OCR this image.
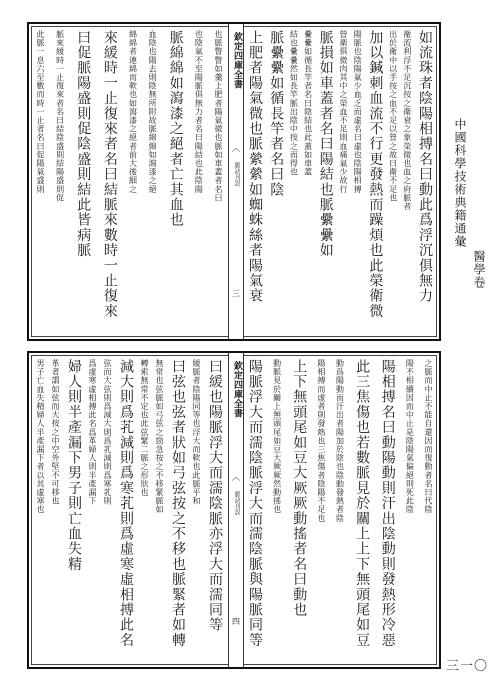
中國科學技術典籍通彙
醫學卷
如流珠者陰陽相搏名曰動此爲浮沉俱無力
衛流利浮不足沉按之衛衰之象榮微也血之府脈者
出於衛中以手按之血不足以營之故曰衛不足也
加以鍼刺血流不行更發熱而躁煩也此榮衛微
陽脈也陰陽氣少血乏而虛名曰虛也陰陽相搏
營衛俱微肉其中之榮血不足則血痛氣少故行
脈損如車蓋者名曰陽結也脈纍纍如
纍纍如循長竿者名曰陰結也此蓋如車蓋
結也纍纍然如長竿脈出陰中按之而得也
脈纍纍如循長竿者名曰陰
上肥者陽氣微也脈縈縈如蜘蛛絲者陽氣衰
欽定四庫全書
︿
脈訣刊誤
三
也脈瞥瞥如羹上肥者陽氣微也脈如車蓋者名曰
也陰氣不至陽脈俱無力者名曰陽結也此陰陽
脈綿綿如瀉漆之絕者亡其血也
血陰也陽去則陰無所附故脈綿綿如瀉漆之絕
綿綿者連綿而軟也如瀉漆之絕者前大後細之
來緩時一止復來者名曰結脈來數時一止復來
曰促脈陽盛則促陰盛則結此皆病脈
脈來緩時一止復來者名曰結陰盛則結陽盛則促
此脈一息六至數而時一止者名曰促陽氣盛則
之脈而中止不能自還因而復動者名曰代陰
陽不相續因而中止是陰陽氣偏絕則死此陰
陽相搏名曰動陽動則汗出陰動則發熱形冷惡
此三焦傷也若數脈見於關上上下無頭尾如豆
動爲陽動而汗出者陽加於陰也陰動發熱者陰
陽相搏而虛者則發熱也三焦傷者陰陽不足也
上下無頭尾如豆大厥厥動搖者名曰動也
動脈見於關上無頭尾如豆大厥厥然動搖也
陽脈浮大而濡陰脈浮大而濡陰脈與陽脈同等
欽定四庫全書
︿
脈訣刊誤
四
曰緩也陽脈浮大而濡陰脈亦浮大而濡同等
緩脈者陰陽同等也浮大而軟也此脈平和
曰弦也弦者狀如弓弦按之不移也脈緊者如轉
無常也弦脈如弓弦之勁急按之不移緊脈如
轉索無常不定也此弦緊二脈之形狀也
減大則爲芤減則爲寒芤則爲虛寒虛相搏此名
弦而大弦則爲減大則爲芤減則爲寒芤則
爲虛寒虛相搏此名爲革婦人則半產漏下
婦人則半產漏下男子則亡血失精
革者謂如弦而大按之中空外堅不可移也
男子亡血失精婦人半產漏下者以其虛寒也
三一〇
